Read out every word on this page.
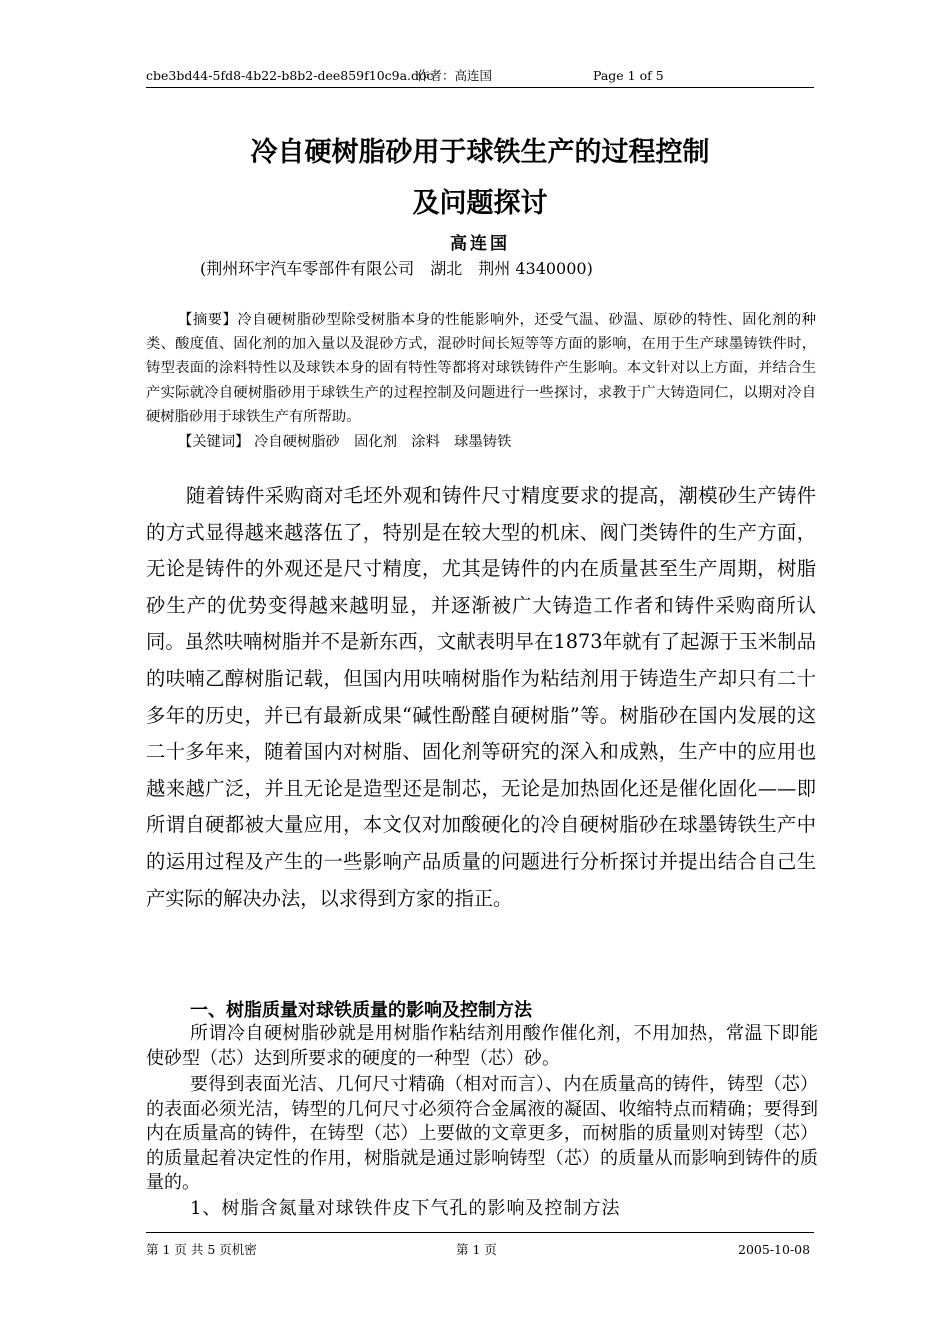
cbe3bd44-5fd8-4b22-b8b2-dee859f10c9a.doc
作者：高连国	Page 1 of 5
冷自硬树脂砂用于球铁生产的过程控制
及问题探讨
高连国
(荆州环宇汽车零部件有限公司　湖北　荆州 4340000)
【摘要】冷自硬树脂砂型除受树脂本身的性能影响外，还受气温、砂温、原砂的特性、固化剂的种类、酸度值、固化剂的加入量以及混砂方式，混砂时间长短等等方面的影响，在用于生产球墨铸铁件时，铸型表面的涂料特性以及球铁本身的固有特性等都将对球铁铸件产生影响。本文针对以上方面，并结合生产实际就冷自硬树脂砂用于球铁生产的过程控制及问题进行一些探讨，求教于广大铸造同仁，以期对冷自硬树脂砂用于球铁生产有所帮助。
【关键词】 冷自硬树脂砂　固化剂　涂料　球墨铸铁
随着铸件采购商对毛坯外观和铸件尺寸精度要求的提高，潮模砂生产铸件的方式显得越来越落伍了，特别是在较大型的机床、阀门类铸件的生产方面，无论是铸件的外观还是尺寸精度，尤其是铸件的内在质量甚至生产周期，树脂砂生产的优势变得越来越明显，并逐渐被广大铸造工作者和铸件采购商所认同。虽然呋喃树脂并不是新东西，文献表明早在1873年就有了起源于玉米制品的呋喃乙醇树脂记载，但国内用呋喃树脂作为粘结剂用于铸造生产却只有二十多年的历史，并已有最新成果“碱性酚醛自硬树脂”等。树脂砂在国内发展的这二十多年来，随着国内对树脂、固化剂等研究的深入和成熟，生产中的应用也越来越广泛，并且无论是造型还是制芯，无论是加热固化还是催化固化——即所谓自硬都被大量应用，本文仅对加酸硬化的冷自硬树脂砂在球墨铸铁生产中的运用过程及产生的一些影响产品质量的问题进行分析探讨并提出结合自己生产实际的解决办法，以求得到方家的指正。
一、树脂质量对球铁质量的影响及控制方法
所谓冷自硬树脂砂就是用树脂作粘结剂用酸作催化剂，不用加热，常温下即能使砂型（芯）达到所要求的硬度的一种型（芯）砂。
要得到表面光洁、几何尺寸精确（相对而言）、内在质量高的铸件，铸型（芯）的表面必须光洁，铸型的几何尺寸必须符合金属液的凝固、收缩特点而精确；要得到内在质量高的铸件，在铸型（芯）上要做的文章更多，而树脂的质量则对铸型（芯）的质量起着决定性的作用，树脂就是通过影响铸型（芯）的质量从而影响到铸件的质量的。
1、树脂含氮量对球铁件皮下气孔的影响及控制方法
第 1 页 共 5 页机密	第 1 页	2005-10-08
